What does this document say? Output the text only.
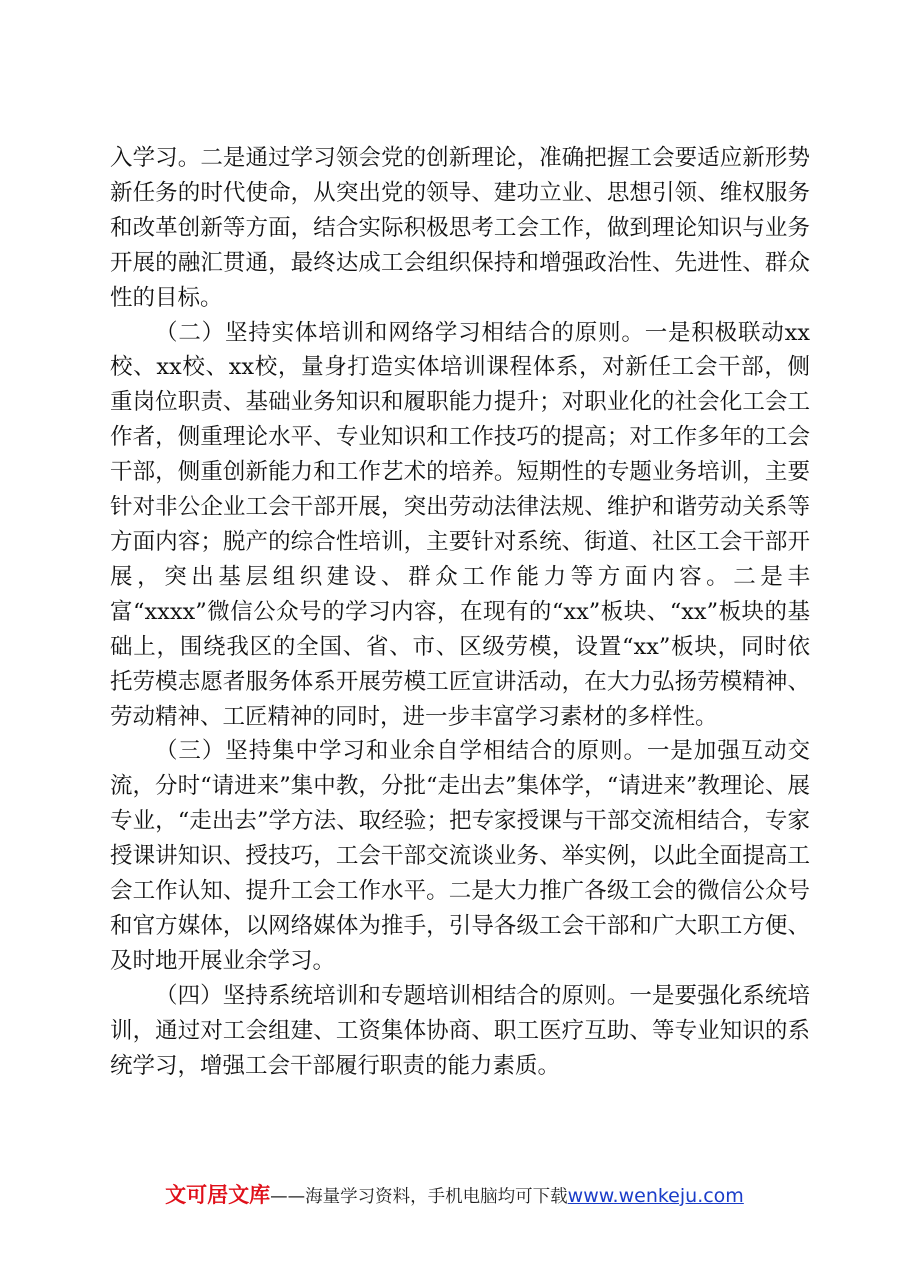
入学习。二是通过学习领会党的创新理论，准确把握工会要适应新形势新任务的时代使命，从突出党的领导、建功立业、思想引领、维权服务和改革创新等方面，结合实际积极思考工会工作，做到理论知识与业务开展的融汇贯通，最终达成工会组织保持和增强政治性、先进性、群众性的目标。

（二）坚持实体培训和网络学习相结合的原则。一是积极联动xx校、xx校、xx校，量身打造实体培训课程体系，对新任工会干部，侧重岗位职责、基础业务知识和履职能力提升；对职业化的社会化工会工作者，侧重理论水平、专业知识和工作技巧的提高；对工作多年的工会干部，侧重创新能力和工作艺术的培养。短期性的专题业务培训，主要针对非公企业工会干部开展，突出劳动法律法规、维护和谐劳动关系等方面内容；脱产的综合性培训，主要针对系统、街道、社区工会干部开展，突出基层组织建设、群众工作能力等方面内容。二是丰富“xxxx”微信公众号的学习内容，在现有的“xx”板块、“xx”板块的基础上，围绕我区的全国、省、市、区级劳模，设置“xx”板块，同时依托劳模志愿者服务体系开展劳模工匠宣讲活动，在大力弘扬劳模精神、劳动精神、工匠精神的同时，进一步丰富学习素材的多样性。

（三）坚持集中学习和业余自学相结合的原则。一是加强互动交流，分时“请进来”集中教，分批“走出去”集体学，“请进来”教理论、展专业，“走出去”学方法、取经验；把专家授课与干部交流相结合，专家授课讲知识、授技巧，工会干部交流谈业务、举实例，以此全面提高工会工作认知、提升工会工作水平。二是大力推广各级工会的微信公众号和官方媒体，以网络媒体为推手，引导各级工会干部和广大职工方便、及时地开展业余学习。

（四）坚持系统培训和专题培训相结合的原则。一是要强化系统培训，通过对工会组建、工资集体协商、职工医疗互助、等专业知识的系统学习，增强工会干部履行职责的能力素质。

文可居文库——海量学习资料，手机电脑均可下载www.wenkeju.com
